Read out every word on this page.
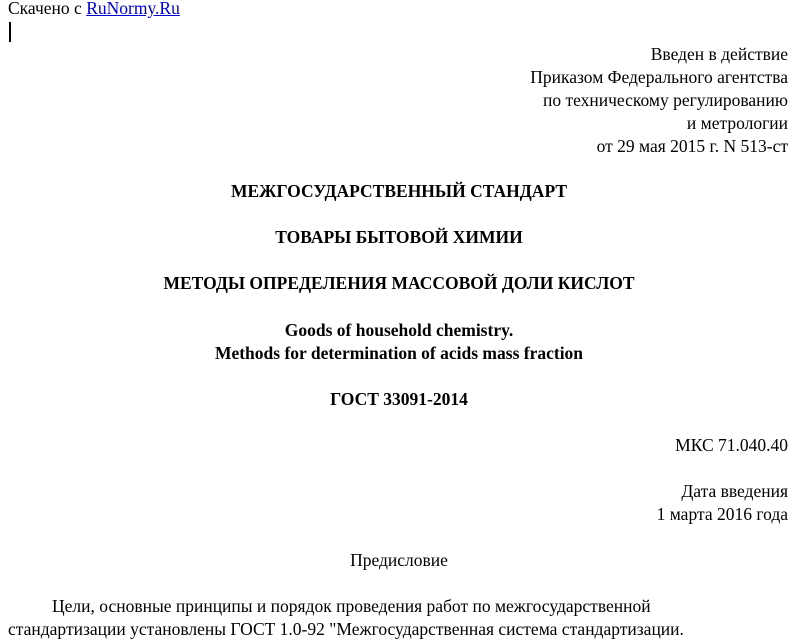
Скачено с RuNormy.Ru
Введен в действие
Приказом Федерального агентства
по техническому регулированию
и метрологии
от 29 мая 2015 г. N 513-ст
МЕЖГОСУДАРСТВЕННЫЙ СТАНДАРТ
ТОВАРЫ БЫТОВОЙ ХИМИИ
МЕТОДЫ ОПРЕДЕЛЕНИЯ МАССОВОЙ ДОЛИ КИСЛОТ
Goods of household chemistry.
Methods for determination of acids mass fraction
ГОСТ 33091-2014
МКС 71.040.40
Дата введения
1 марта 2016 года
Предисловие
Цели, основные принципы и порядок проведения работ по межгосударственной
стандартизации установлены ГОСТ 1.0-92 "Межгосударственная система стандартизации.
